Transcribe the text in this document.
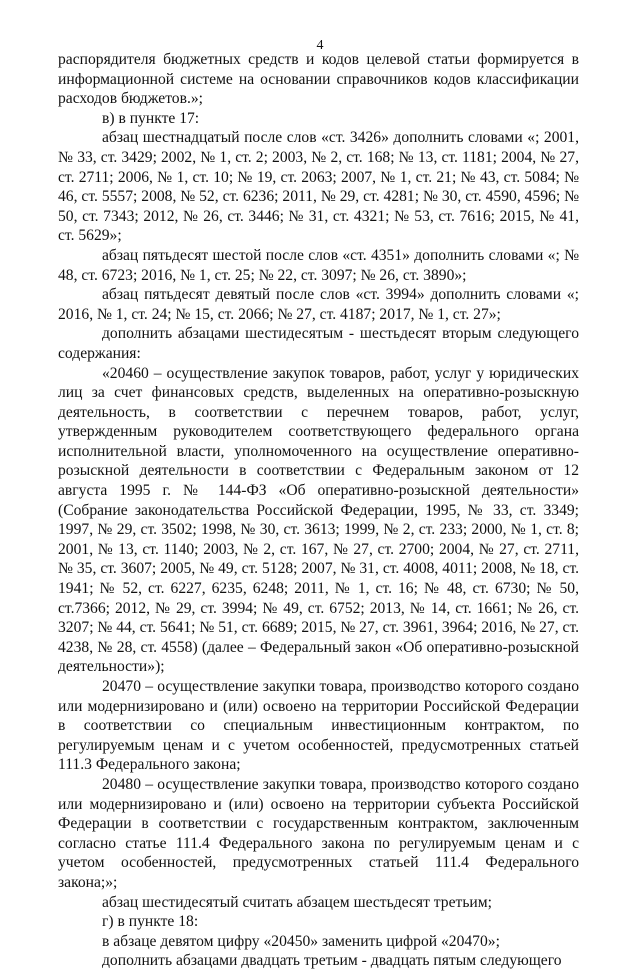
4

распорядителя бюджетных средств и кодов целевой статьи формируется в информационной системе на основании справочников кодов классификации расходов бюджетов.»;

в) в пункте 17:

абзац шестнадцатый после слов «ст. 3426» дополнить словами «; 2001, № 33, ст. 3429; 2002, № 1, ст. 2; 2003, № 2, ст. 168; № 13, ст. 1181; 2004, № 27, ст. 2711; 2006, № 1, ст. 10; № 19, ст. 2063; 2007, № 1, ст. 21; № 43, ст. 5084; № 46, ст. 5557; 2008, № 52, ст. 6236; 2011, № 29, ст. 4281; № 30, ст. 4590, 4596; № 50, ст. 7343; 2012, № 26, ст. 3446; № 31, ст. 4321; № 53, ст. 7616; 2015, № 41, ст. 5629»;

абзац пятьдесят шестой после слов «ст. 4351» дополнить словами «; № 48, ст. 6723; 2016, № 1, ст. 25; № 22, ст. 3097; № 26, ст. 3890»;

абзац пятьдесят девятый после слов «ст. 3994» дополнить словами «; 2016, № 1, ст. 24; № 15, ст. 2066; № 27, ст. 4187; 2017, № 1, ст. 27»;

дополнить абзацами шестидесятым - шестьдесят вторым следующего содержания:

«20460 – осуществление закупок товаров, работ, услуг у юридических лиц за счет финансовых средств, выделенных на оперативно-розыскную деятельность, в соответствии с перечнем товаров, работ, услуг, утвержденным руководителем соответствующего федерального органа исполнительной власти, уполномоченного на осуществление оперативно-розыскной деятельности в соответствии с Федеральным законом от 12 августа 1995 г. № 144-ФЗ «Об оперативно-розыскной деятельности» (Собрание законодательства Российской Федерации, 1995, № 33, ст. 3349; 1997, № 29, ст. 3502; 1998, № 30, ст. 3613; 1999, № 2, ст. 233; 2000, № 1, ст. 8; 2001, № 13, ст. 1140; 2003, № 2, ст. 167, № 27, ст. 2700; 2004, № 27, ст. 2711, № 35, ст. 3607; 2005, № 49, ст. 5128; 2007, № 31, ст. 4008, 4011; 2008, № 18, ст. 1941; № 52, ст. 6227, 6235, 6248; 2011, № 1, ст. 16; № 48, ст. 6730; № 50, ст.7366; 2012, № 29, ст. 3994; № 49, ст. 6752; 2013, № 14, ст. 1661; № 26, ст. 3207; № 44, ст. 5641; № 51, ст. 6689; 2015, № 27, ст. 3961, 3964; 2016, № 27, ст. 4238, № 28, ст. 4558) (далее – Федеральный закон «Об оперативно-розыскной деятельности»);

20470 – осуществление закупки товара, производство которого создано или модернизировано и (или) освоено на территории Российской Федерации в соответствии со специальным инвестиционным контрактом, по регулируемым ценам и с учетом особенностей, предусмотренных статьей 111.3 Федерального закона;

20480 – осуществление закупки товара, производство которого создано или модернизировано и (или) освоено на территории субъекта Российской Федерации в соответствии с государственным контрактом, заключенным согласно статье 111.4 Федерального закона по регулируемым ценам и с учетом особенностей, предусмотренных статьей 111.4 Федерального закона;»;

абзац шестидесятый считать абзацем шестьдесят третьим;

г) в пункте 18:

в абзаце девятом цифру «20450» заменить цифрой «20470»;

дополнить абзацами двадцать третьим - двадцать пятым следующего
